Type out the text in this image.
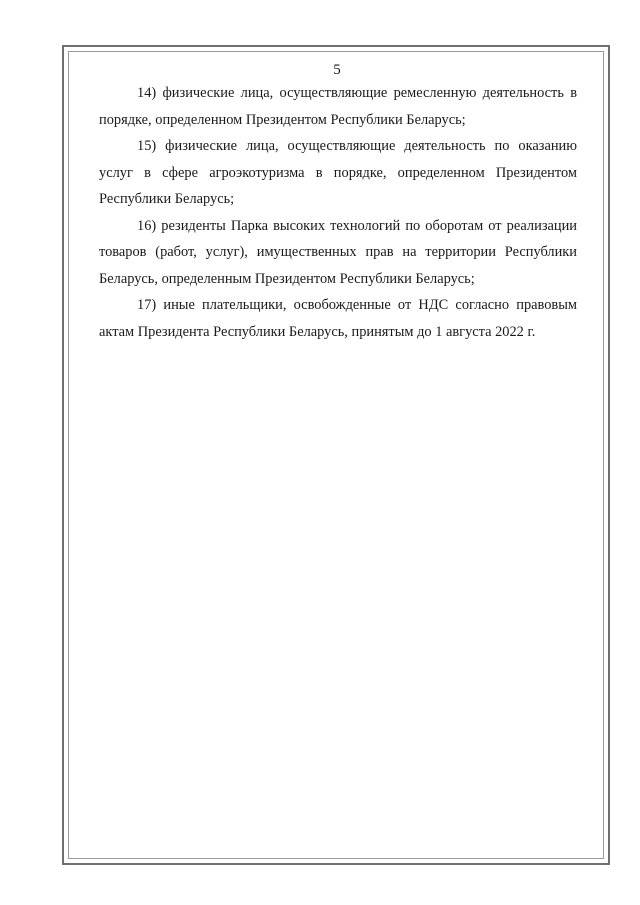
5

14) физические лица, осуществляющие ремесленную деятельность в порядке, определенном Президентом Республики Беларусь;

15) физические лица, осуществляющие деятельность по оказанию услуг в сфере агроэкотуризма в порядке, определенном Президентом Республики Беларусь;

16) резиденты Парка высоких технологий по оборотам от реализации товаров (работ, услуг), имущественных прав на территории Республики Беларусь, определенным Президентом Республики Беларусь;

17) иные плательщики, освобожденные от НДС согласно правовым актам Президента Республики Беларусь, принятым до 1 августа 2022 г.
